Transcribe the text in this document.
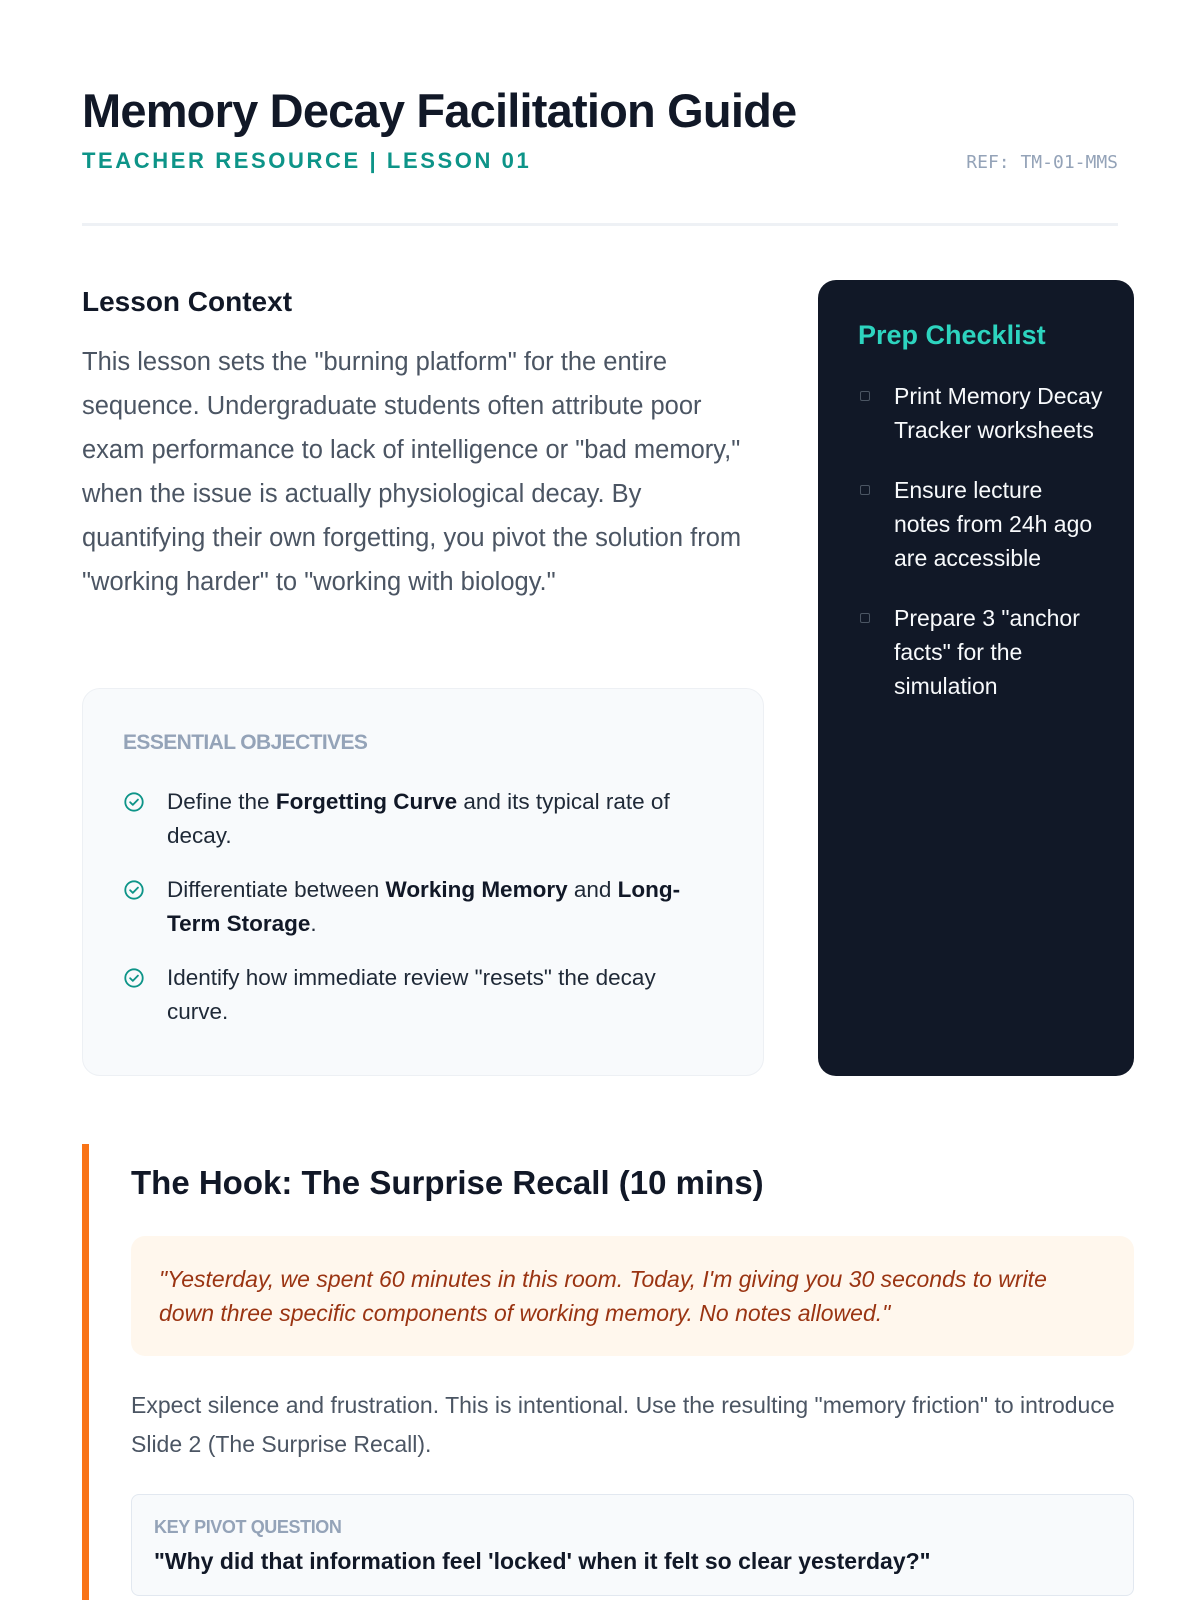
Memory Decay Facilitation Guide
TEACHER RESOURCE | LESSON 01	REF: TM-01-MMS
Lesson Context

This lesson sets the "burning platform" for the entire sequence. Undergraduate students often attribute poor exam performance to lack of intelligence or "bad memory," when the issue is actually physiological decay. By quantifying their own forgetting, you pivot the solution from "working harder" to "working with biology."

ESSENTIAL OBJECTIVES
Define the Forgetting Curve and its typical rate of decay.
Differentiate between Working Memory and Long-Term Storage.
Identify how immediate review "resets" the decay curve.
Prep Checklist
Print Memory Decay Tracker worksheets
Ensure lecture notes from 24h ago are accessible
Prepare 3 "anchor facts" for the simulation
The Hook: The Surprise Recall (10 mins)
"Yesterday, we spent 60 minutes in this room. Today, I'm giving you 30 seconds to write down three specific components of working memory. No notes allowed."

Expect silence and frustration. This is intentional. Use the resulting "memory friction" to introduce Slide 2 (The Surprise Recall).

KEY PIVOT QUESTION
"Why did that information feel 'locked' when it felt so clear yesterday?"
